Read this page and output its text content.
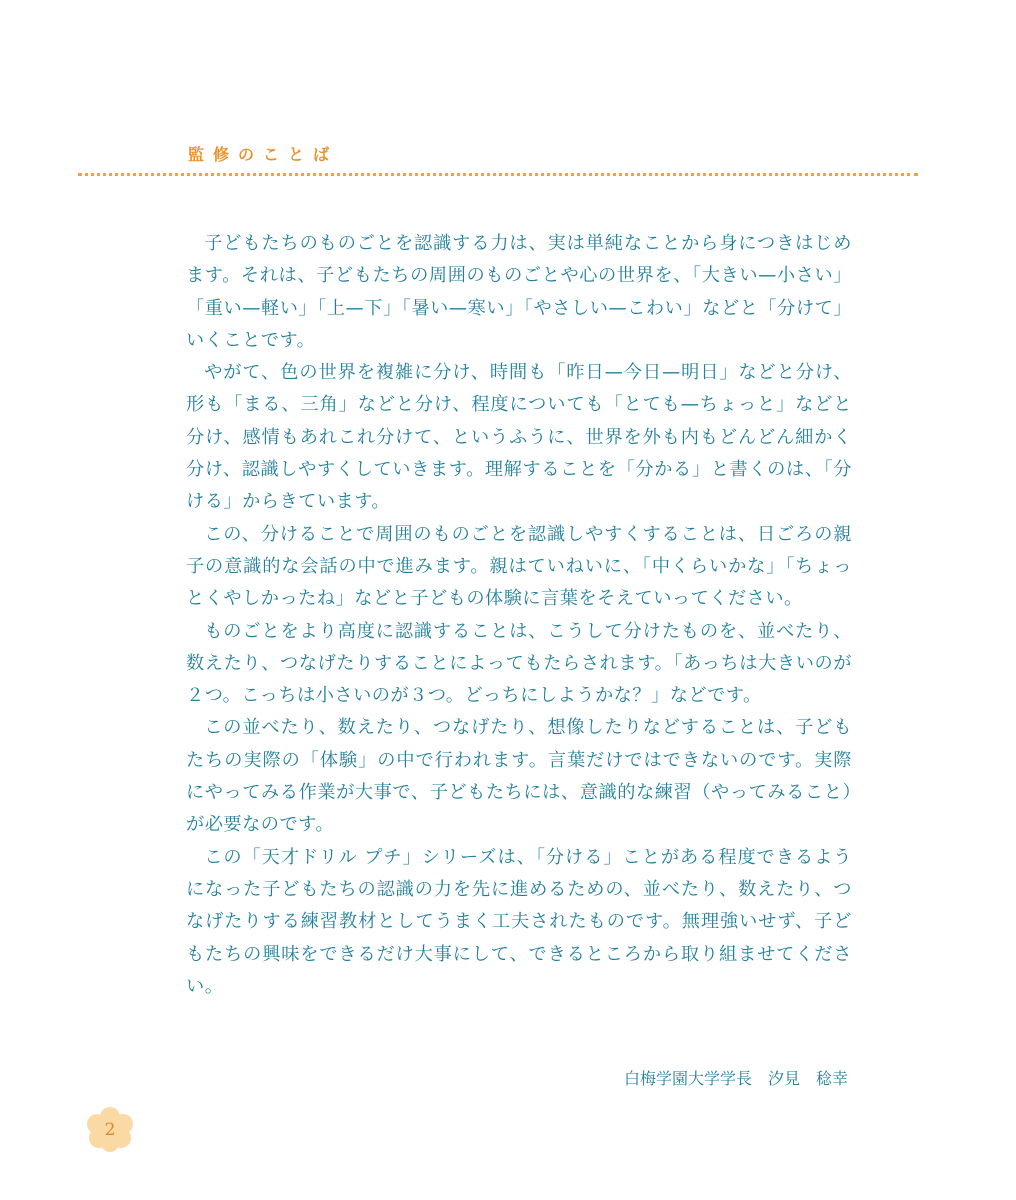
監修のことば

子どもたちのものごとを認識する力は、実は単純なことから身につきはじめます。それは、子どもたちの周囲のものごとや心の世界を、「大きい—小さい」「重い—軽い」「上—下」「暑い—寒い」「やさしい—こわい」などと「分けて」いくことです。

やがて、色の世界を複雑に分け、時間も「昨日—今日—明日」などと分け、形も「まる、三角」などと分け、程度についても「とても—ちょっと」などと分け、感情もあれこれ分けて、というふうに、世界を外も内もどんどん細かく分け、認識しやすくしていきます。理解することを「分かる」と書くのは、「分ける」からきています。

この、分けることで周囲のものごとを認識しやすくすることは、日ごろの親子の意識的な会話の中で進みます。親はていねいに、「中くらいかな」「ちょっとくやしかったね」などと子どもの体験に言葉をそえていってください。

ものごとをより高度に認識することは、こうして分けたものを、並べたり、数えたり、つなげたりすることによってもたらされます。「あっちは大きいのが２つ。こっちは小さいのが３つ。どっちにしようかな？」などです。

この並べたり、数えたり、つなげたり、想像したりなどすることは、子どもたちの実際の「体験」の中で行われます。言葉だけではできないのです。実際にやってみる作業が大事で、子どもたちには、意識的な練習（やってみること）が必要なのです。

この「天才ドリル プチ」シリーズは、「分ける」ことがある程度できるようになった子どもたちの認識の力を先に進めるための、並べたり、数えたり、つなげたりする練習教材としてうまく工夫されたものです。無理強いせず、子どもたちの興味をできるだけ大事にして、できるところから取り組ませてください。

白梅学園大学学長　汐見　稔幸
2
